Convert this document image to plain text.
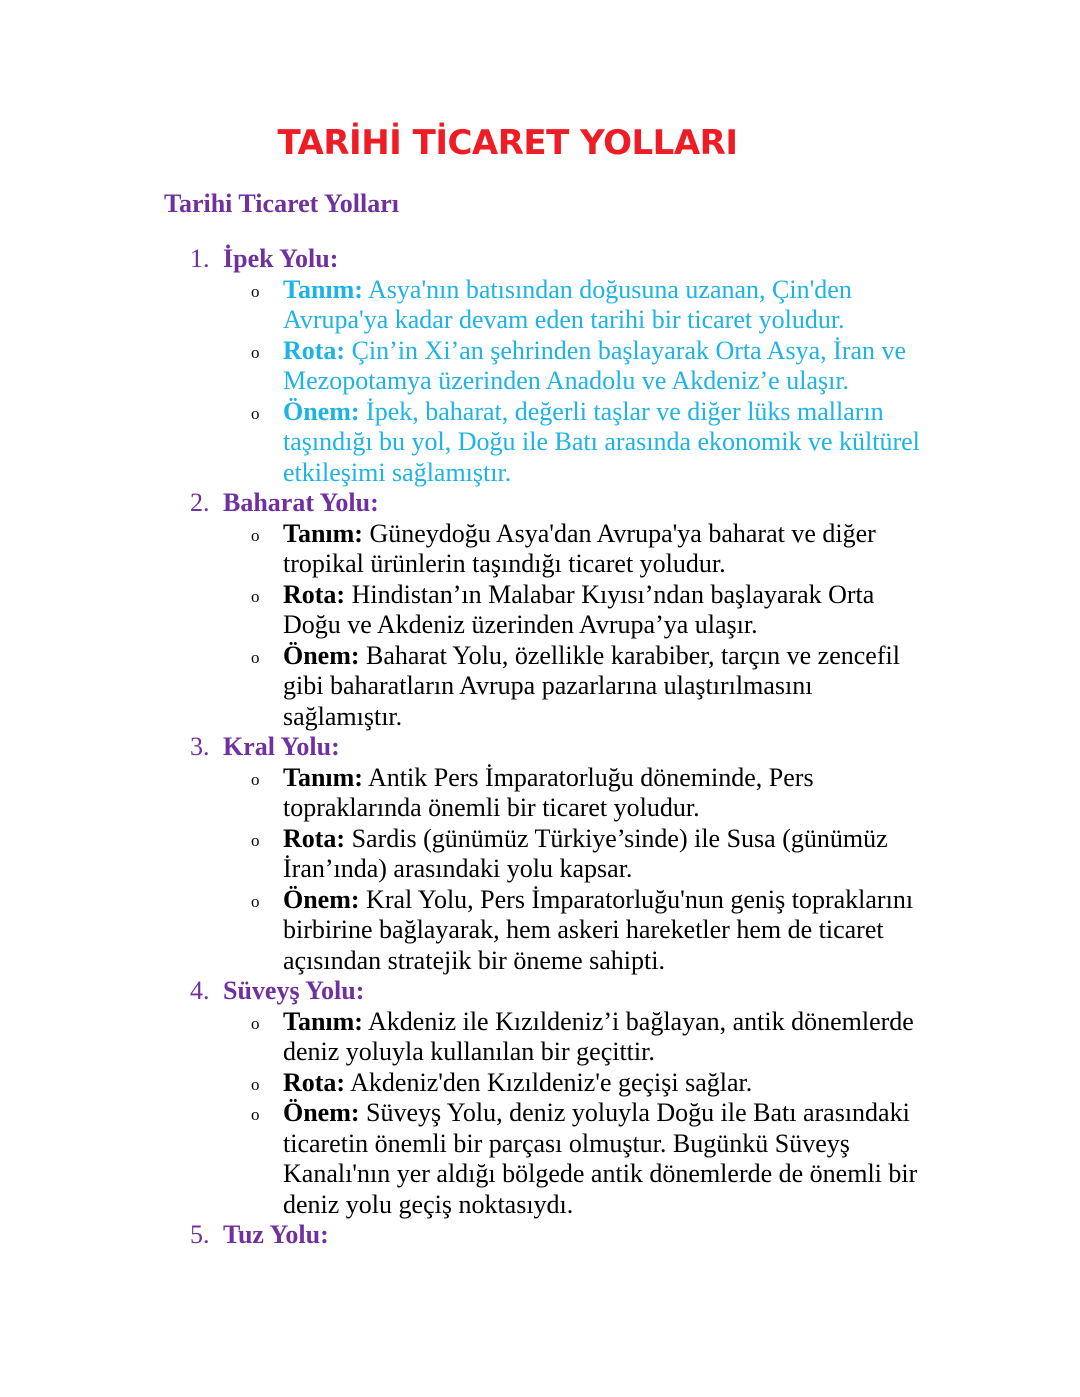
TARİHİ TİCARET YOLLARI
Tarihi Ticaret Yolları
1. İpek Yolu:
o Tanım: Asya'nın batısından doğusuna uzanan, Çin'den Avrupa'ya kadar devam eden tarihi bir ticaret yoludur.
o Rota: Çin’in Xi’an şehrinden başlayarak Orta Asya, İran ve Mezopotamya üzerinden Anadolu ve Akdeniz’e ulaşır.
o Önem: İpek, baharat, değerli taşlar ve diğer lüks malların taşındığı bu yol, Doğu ile Batı arasında ekonomik ve kültürel etkileşimi sağlamıştır.
2. Baharat Yolu:
o Tanım: Güneydoğu Asya'dan Avrupa'ya baharat ve diğer tropikal ürünlerin taşındığı ticaret yoludur.
o Rota: Hindistan’ın Malabar Kıyısı’ndan başlayarak Orta Doğu ve Akdeniz üzerinden Avrupa’ya ulaşır.
o Önem: Baharat Yolu, özellikle karabiber, tarçın ve zencefil gibi baharatların Avrupa pazarlarına ulaştırılmasını sağlamıştır.
3. Kral Yolu:
o Tanım: Antik Pers İmparatorluğu döneminde, Pers topraklarında önemli bir ticaret yoludur.
o Rota: Sardis (günümüz Türkiye’sinde) ile Susa (günümüz İran’ında) arasındaki yolu kapsar.
o Önem: Kral Yolu, Pers İmparatorluğu'nun geniş topraklarını birbirine bağlayarak, hem askeri hareketler hem de ticaret açısından stratejik bir öneme sahipti.
4. Süveyş Yolu:
o Tanım: Akdeniz ile Kızıldeniz’i bağlayan, antik dönemlerde deniz yoluyla kullanılan bir geçittir.
o Rota: Akdeniz'den Kızıldeniz'e geçişi sağlar.
o Önem: Süveyş Yolu, deniz yoluyla Doğu ile Batı arasındaki ticaretin önemli bir parçası olmuştur. Bugünkü Süveyş Kanalı'nın yer aldığı bölgede antik dönemlerde de önemli bir deniz yolu geçiş noktasıydı.
5. Tuz Yolu:
